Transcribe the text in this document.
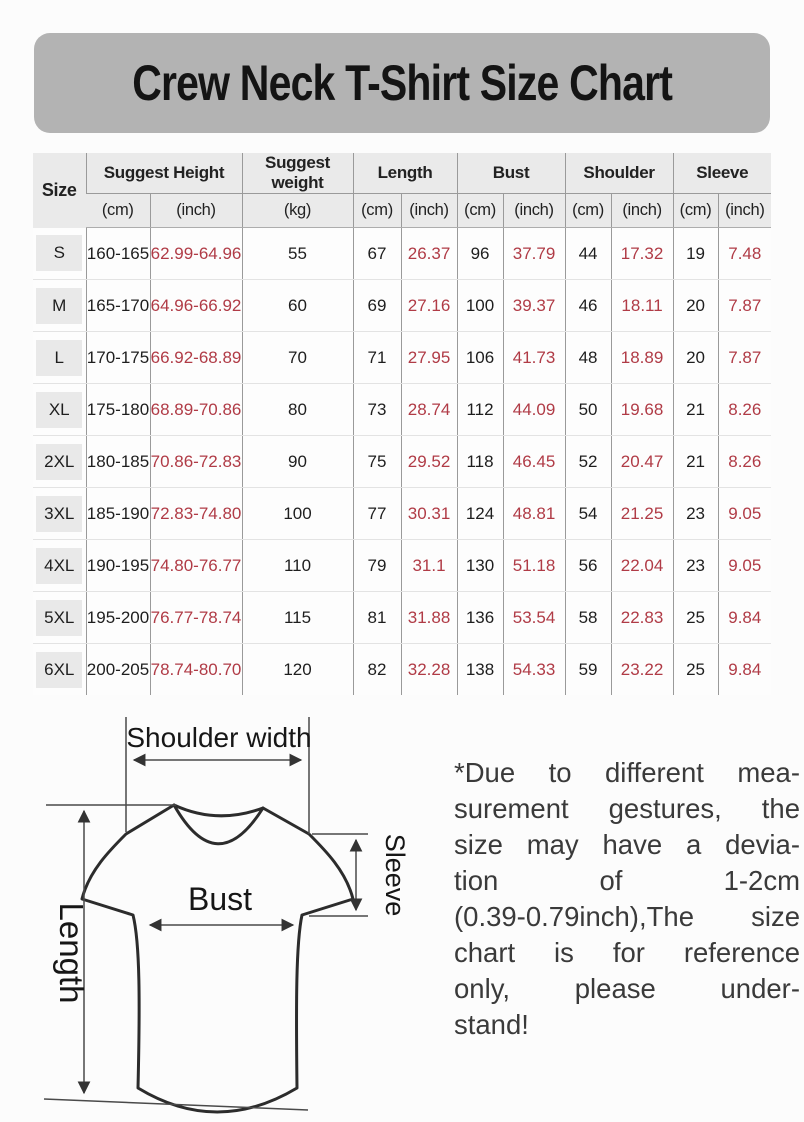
Crew Neck T-Shirt Size Chart
Size	Suggest Height		Suggest weight	Length		Bust		Shoulder		Sleeve	
	(cm)	(inch)	(kg)	(cm)	(inch)	(cm)	(inch)	(cm)	(inch)	(cm)	(inch)
S	160-165	62.99-64.96	55	67	26.37	96	37.79	44	17.32	19	7.48
M	165-170	64.96-66.92	60	69	27.16	100	39.37	46	18.11	20	7.87
L	170-175	66.92-68.89	70	71	27.95	106	41.73	48	18.89	20	7.87
XL	175-180	68.89-70.86	80	73	28.74	112	44.09	50	19.68	21	8.26
2XL	180-185	70.86-72.83	90	75	29.52	118	46.45	52	20.47	21	8.26
3XL	185-190	72.83-74.80	100	77	30.31	124	48.81	54	21.25	23	9.05
4XL	190-195	74.80-76.77	110	79	31.1	130	51.18	56	22.04	23	9.05
5XL	195-200	76.77-78.74	115	81	31.88	136	53.54	58	22.83	25	9.84
6XL	200-205	78.74-80.70	120	82	32.28	138	54.33	59	23.22	25	9.84
Shoulder width
Sleeve
Bust
Length
*Due to different mea-
surement gestures, the
size may have a devia-
tion of 1-2cm
(0.39-0.79inch),The size
chart is for reference
only, please under-
stand!
